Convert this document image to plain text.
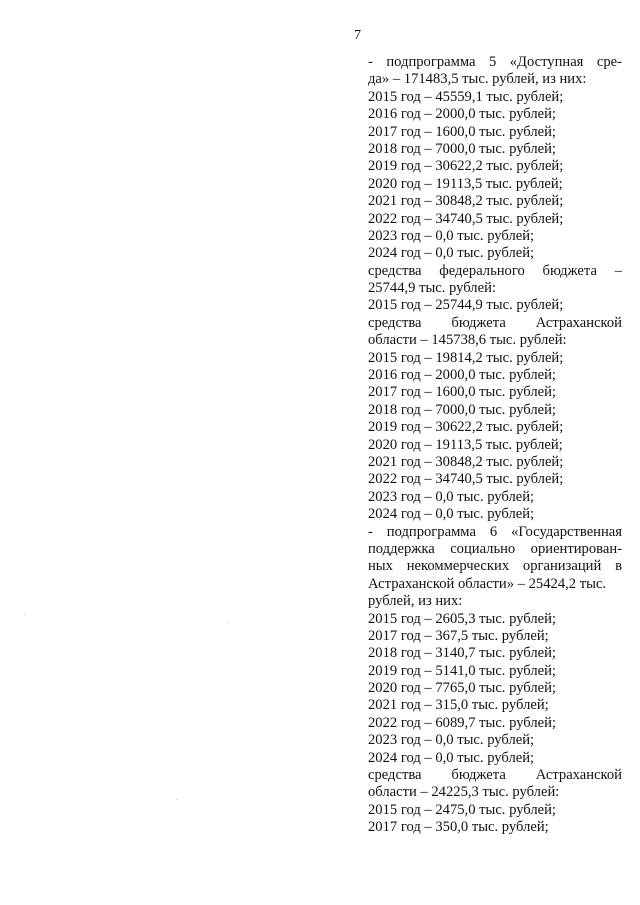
7
- подпрограмма 5 «Доступная сре-
да» – 171483,5 тыс. рублей, из них:
2015 год – 45559,1 тыс. рублей;
2016 год – 2000,0 тыс. рублей;
2017 год – 1600,0 тыс. рублей;
2018 год – 7000,0 тыс. рублей;
2019 год – 30622,2 тыс. рублей;
2020 год – 19113,5 тыс. рублей;
2021 год – 30848,2 тыс. рублей;
2022 год – 34740,5 тыс. рублей;
2023 год – 0,0 тыс. рублей;
2024 год – 0,0 тыс. рублей;
средства федерального бюджета –
25744,9 тыс. рублей:
2015 год – 25744,9 тыс. рублей;
средства бюджета Астраханской
области – 145738,6 тыс. рублей:
2015 год – 19814,2 тыс. рублей;
2016 год – 2000,0 тыс. рублей;
2017 год – 1600,0 тыс. рублей;
2018 год – 7000,0 тыс. рублей;
2019 год – 30622,2 тыс. рублей;
2020 год – 19113,5 тыс. рублей;
2021 год – 30848,2 тыс. рублей;
2022 год – 34740,5 тыс. рублей;
2023 год – 0,0 тыс. рублей;
2024 год – 0,0 тыс. рублей;
- подпрограмма 6 «Государственная
поддержка социально ориентирован-
ных некоммерческих организаций в
Астраханской области» – 25424,2 тыс.
рублей, из них:
2015 год – 2605,3 тыс. рублей;
2017 год – 367,5 тыс. рублей;
2018 год – 3140,7 тыс. рублей;
2019 год – 5141,0 тыс. рублей;
2020 год – 7765,0 тыс. рублей;
2021 год – 315,0 тыс. рублей;
2022 год – 6089,7 тыс. рублей;
2023 год – 0,0 тыс. рублей;
2024 год – 0,0 тыс. рублей;
средства бюджета Астраханской
области – 24225,3 тыс. рублей:
2015 год – 2475,0 тыс. рублей;
2017 год – 350,0 тыс. рублей;
